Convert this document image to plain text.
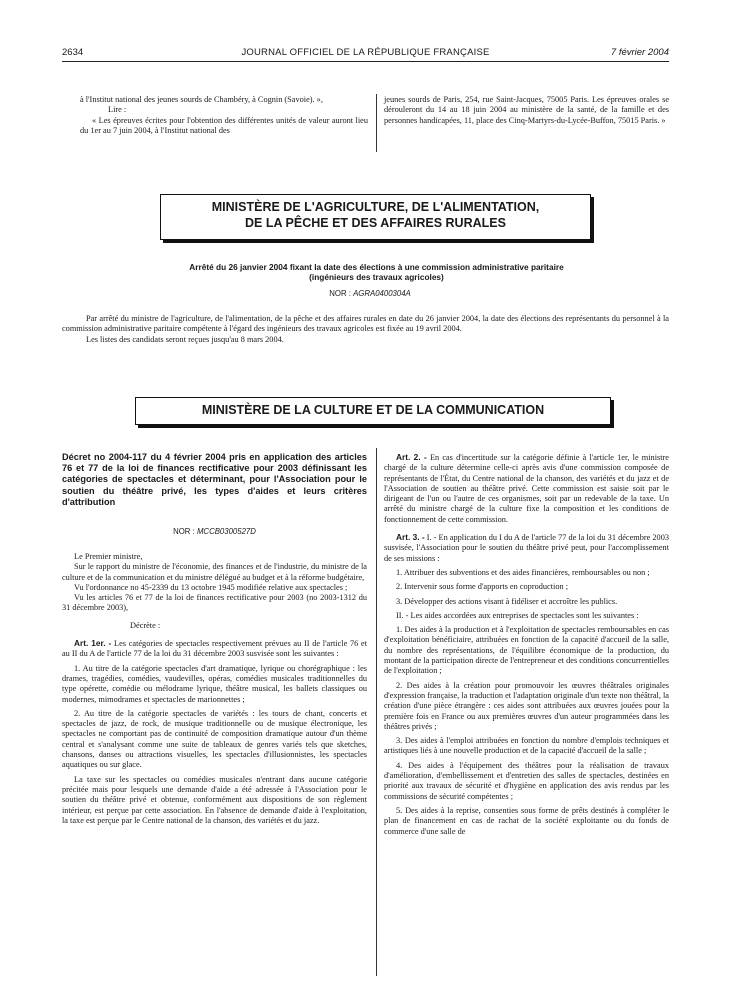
2634	JOURNAL OFFICIEL DE LA RÉPUBLIQUE FRANÇAISE	7 février 2004

à l'Institut national des jeunes sourds de Chambéry, à Cognin (Savoie). »,

Lire :

« Les épreuves écrites pour l'obtention des différentes unités de valeur auront lieu du 1er au 7 juin 2004, à l'Institut national des

jeunes sourds de Paris, 254, rue Saint-Jacques, 75005 Paris. Les épreuves orales se dérouleront du 14 au 18 juin 2004 au ministère de la santé, de la famille et des personnes handicapées, 11, place des Cinq-Martyrs-du-Lycée-Buffon, 75015 Paris. »

MINISTÈRE DE L'AGRICULTURE, DE L'ALIMENTATION,
DE LA PÊCHE ET DES AFFAIRES RURALES
Arrêté du 26 janvier 2004 fixant la date des élections à une commission administrative paritaire
(ingénieurs des travaux agricoles)
NOR : AGRA0400304A

Par arrêté du ministre de l'agriculture, de l'alimentation, de la pêche et des affaires rurales en date du 26 janvier 2004, la date des élections des représentants du personnel à la commission administrative paritaire compétente à l'égard des ingénieurs des travaux agricoles est fixée au 19 avril 2004.

Les listes des candidats seront reçues jusqu'au 8 mars 2004.

MINISTÈRE DE LA CULTURE ET DE LA COMMUNICATION
Décret no 2004-117 du 4 février 2004 pris en application des articles 76 et 77 de la loi de finances rectificative pour 2003 définissant les catégories de spectacles et déterminant, pour l'Association pour le soutien du théâtre privé, les types d'aides et leurs critères d'attribution
NOR : MCCB0300527D

Le Premier ministre,

Sur le rapport du ministre de l'économie, des finances et de l'industrie, du ministre de la culture et de la communication et du ministre délégué au budget et à la réforme budgétaire,

Vu l'ordonnance no 45-2339 du 13 octobre 1945 modifiée relative aux spectacles ;

Vu les articles 76 et 77 de la loi de finances rectificative pour 2003 (no 2003-1312 du 31 décembre 2003),

Décrète :

Art. 1er. - Les catégories de spectacles respectivement prévues au II de l'article 76 et au II du A de l'article 77 de la loi du 31 décembre 2003 susvisée sont les suivantes :

1. Au titre de la catégorie spectacles d'art dramatique, lyrique ou chorégraphique : les drames, tragédies, comédies, vaudevilles, opéras, comédies musicales traditionnelles du type opérette, comédie ou mélodrame lyrique, théâtre musical, les ballets classiques ou modernes, mimodrames et spectacles de marionnettes ;

2. Au titre de la catégorie spectacles de variétés : les tours de chant, concerts et spectacles de jazz, de rock, de musique traditionnelle ou de musique électronique, les spectacles ne comportant pas de continuité de composition dramatique autour d'un thème central et s'analysant comme une suite de tableaux de genres variés tels que sketches, chansons, danses ou attractions visuelles, les spectacles d'illusionnistes, les spectacles aquatiques ou sur glace.

La taxe sur les spectacles ou comédies musicales n'entrant dans aucune catégorie précitée mais pour lesquels une demande d'aide a été adressée à l'Association pour le soutien du théâtre privé et obtenue, conformément aux dispositions de son règlement intérieur, est perçue par cette association. En l'absence de demande d'aide à l'exploitation, la taxe est perçue par le Centre national de la chanson, des variétés et du jazz.

Art. 2. - En cas d'incertitude sur la catégorie définie à l'article 1er, le ministre chargé de la culture détermine celle-ci après avis d'une commission composée de représentants de l'État, du Centre national de la chanson, des variétés et du jazz et de l'Association de soutien au théâtre privé. Cette commission est saisie soit par le dirigeant de l'un ou l'autre de ces organismes, soit par un redevable de la taxe. Un arrêté du ministre chargé de la culture fixe la composition et les conditions de fonctionnement de cette commission.

Art. 3. - I. - En application du I du A de l'article 77 de la loi du 31 décembre 2003 susvisée, l'Association pour le soutien du théâtre privé peut, pour l'accomplissement de ses missions :

1. Attribuer des subventions et des aides financières, remboursables ou non ;

2. Intervenir sous forme d'apports en coproduction ;

3. Développer des actions visant à fidéliser et accroître les publics.

II. - Les aides accordées aux entreprises de spectacles sont les suivantes :

1. Des aides à la production et à l'exploitation de spectacles remboursables en cas d'exploitation bénéficiaire, attribuées en fonction de la capacité d'accueil de la salle, du nombre des représentations, de l'équilibre économique de la production, du montant de la participation directe de l'entrepreneur et des conditions concurrentielles de l'exploitation ;

2. Des aides à la création pour promouvoir les œuvres théâtrales originales d'expression française, la traduction et l'adaptation originale d'un texte non théâtral, la création d'une pièce étrangère : ces aides sont attribuées aux œuvres jouées pour la première fois en France ou aux premières œuvres d'un auteur programmées dans les théâtres privés ;

3. Des aides à l'emploi attribuées en fonction du nombre d'emplois techniques et artistiques liés à une nouvelle production et de la capacité d'accueil de la salle ;

4. Des aides à l'équipement des théâtres pour la réalisation de travaux d'amélioration, d'embellissement et d'entretien des salles de spectacles, destinées en priorité aux travaux de sécurité et d'hygiène en application des avis rendus par les commissions de sécurité compétentes ;

5. Des aides à la reprise, consenties sous forme de prêts destinés à compléter le plan de financement en cas de rachat de la société exploitante ou du fonds de commerce d'une salle de
